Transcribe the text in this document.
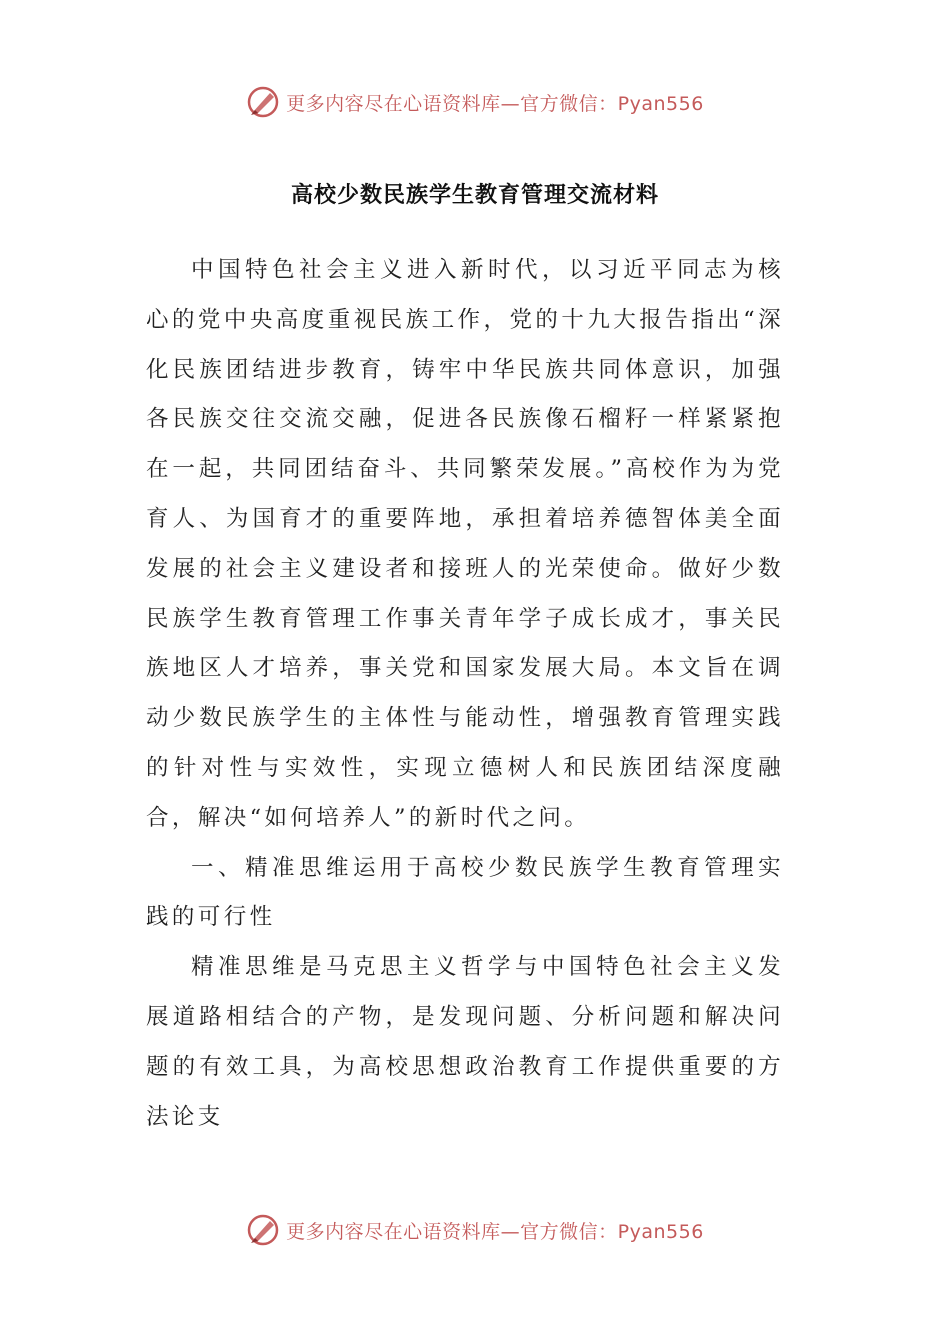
更多内容尽在心语资料库—官方微信：Pyan556
高校少数民族学生教育管理交流材料

中国特色社会主义进入新时代，以习近平同志为核心的党中央高度重视民族工作，党的十九大报告指出“深化民族团结进步教育，铸牢中华民族共同体意识，加强各民族交往交流交融，促进各民族像石榴籽一样紧紧抱在一起，共同团结奋斗、共同繁荣发展。”高校作为为党育人、为国育才的重要阵地，承担着培养德智体美全面发展的社会主义建设者和接班人的光荣使命。做好少数民族学生教育管理工作事关青年学子成长成才，事关民族地区人才培养，事关党和国家发展大局。本文旨在调动少数民族学生的主体性与能动性，增强教育管理实践的针对性与实效性，实现立德树人和民族团结深度融合，解决“如何培养人”的新时代之问。

一、精准思维运用于高校少数民族学生教育管理实践的可行性

精准思维是马克思主义哲学与中国特色社会主义发展道路相结合的产物，是发现问题、分析问题和解决问题的有效工具，为高校思想政治教育工作提供重要的方法论支

更多内容尽在心语资料库—官方微信：Pyan556
